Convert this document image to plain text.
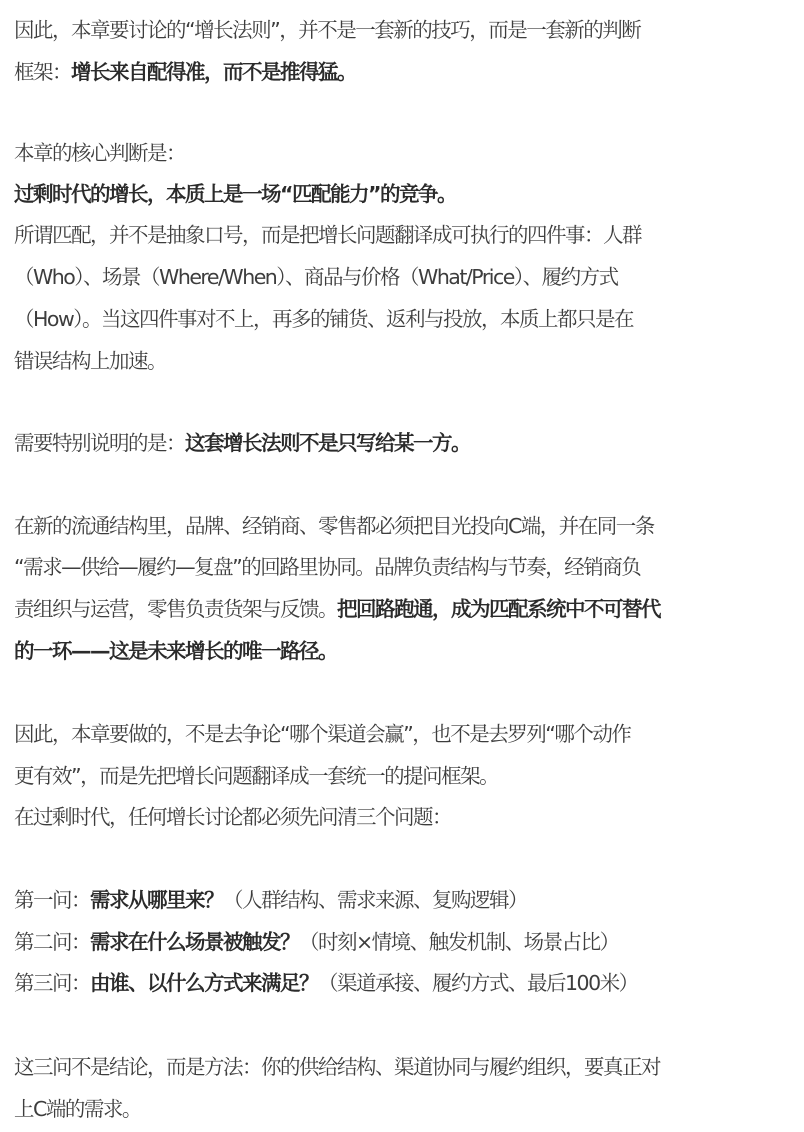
因此，本章要讨论的“增长法则”，并不是一套新的技巧，而是一套新的判断
框架：增长来自配得准，而不是推得猛。
本章的核心判断是：
过剩时代的增长，本质上是一场“匹配能力”的竞争。
所谓匹配，并不是抽象口号，而是把增长问题翻译成可执行的四件事：人群
（Who）、场景（Where/When）、商品与价格（What/Price）、履约方式
（How）。当这四件事对不上，再多的铺货、返利与投放，本质上都只是在
错误结构上加速。
需要特别说明的是：这套增长法则不是只写给某一方。
在新的流通结构里，品牌、经销商、零售都必须把目光投向C端，并在同一条
“需求—供给—履约—复盘”的回路里协同。品牌负责结构与节奏，经销商负
责组织与运营，零售负责货架与反馈。把回路跑通，成为匹配系统中不可替代
的一环——这是未来增长的唯一路径。
因此，本章要做的，不是去争论“哪个渠道会赢”，也不是去罗列“哪个动作
更有效”，而是先把增长问题翻译成一套统一的提问框架。
在过剩时代，任何增长讨论都必须先问清三个问题：
第一问：需求从哪里来？（人群结构、需求来源、复购逻辑）
第二问：需求在什么场景被触发？（时刻×情境、触发机制、场景占比）
第三问：由谁、以什么方式来满足？（渠道承接、履约方式、最后100米）
这三问不是结论，而是方法：你的供给结构、渠道协同与履约组织，要真正对
上C端的需求。
